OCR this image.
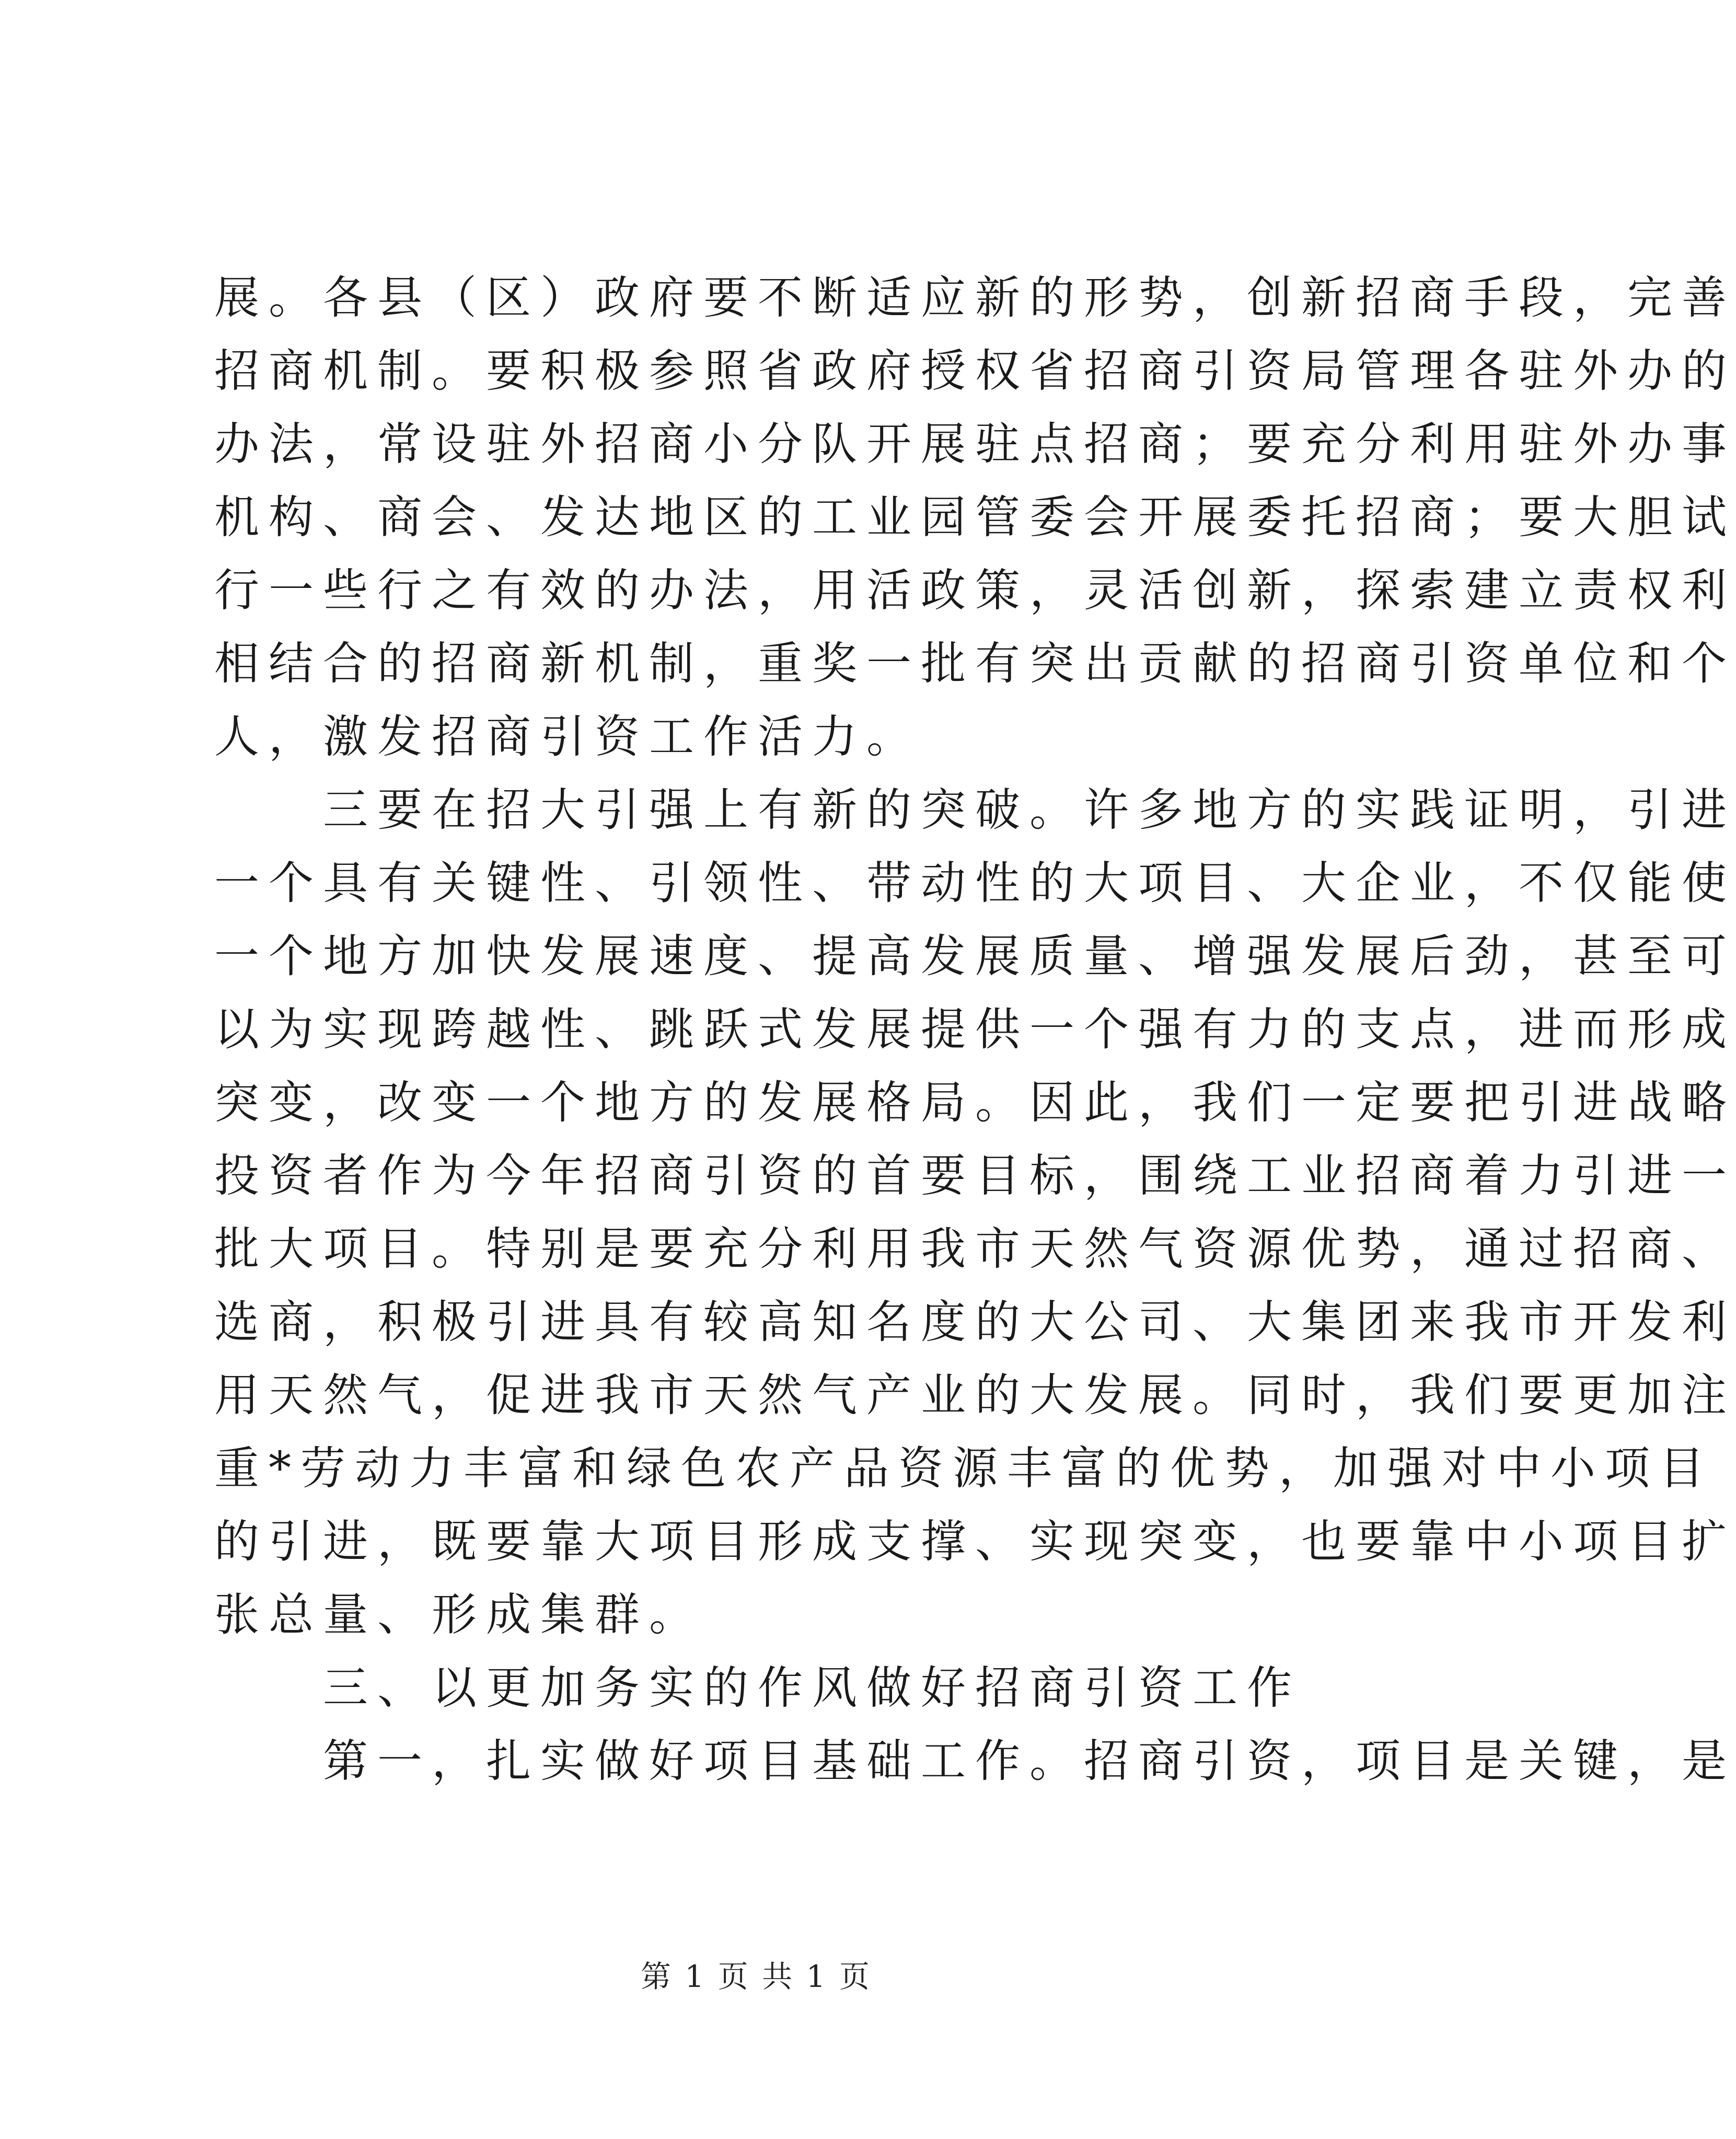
展。各县（区）政府要不断适应新的形势，创新招商手段，完善
招商机制。要积极参照省政府授权省招商引资局管理各驻外办的
办法，常设驻外招商小分队开展驻点招商；要充分利用驻外办事
机构、商会、发达地区的工业园管委会开展委托招商；要大胆试
行一些行之有效的办法，用活政策，灵活创新，探索建立责权利
相结合的招商新机制，重奖一批有突出贡献的招商引资单位和个
人，激发招商引资工作活力。
　　三要在招大引强上有新的突破。许多地方的实践证明，引进
一个具有关键性、引领性、带动性的大项目、大企业，不仅能使
一个地方加快发展速度、提高发展质量、增强发展后劲，甚至可
以为实现跨越性、跳跃式发展提供一个强有力的支点，进而形成
突变，改变一个地方的发展格局。因此，我们一定要把引进战略
投资者作为今年招商引资的首要目标，围绕工业招商着力引进一
批大项目。特别是要充分利用我市天然气资源优势，通过招商、
选商，积极引进具有较高知名度的大公司、大集团来我市开发利
用天然气，促进我市天然气产业的大发展。同时，我们要更加注
重*劳动力丰富和绿色农产品资源丰富的优势，加强对中小项目
的引进，既要靠大项目形成支撑、实现突变，也要靠中小项目扩
张总量、形成集群。
　　三、以更加务实的作风做好招商引资工作
　　第一，扎实做好项目基础工作。招商引资，项目是关键，是
第 1 页 共 1 页
